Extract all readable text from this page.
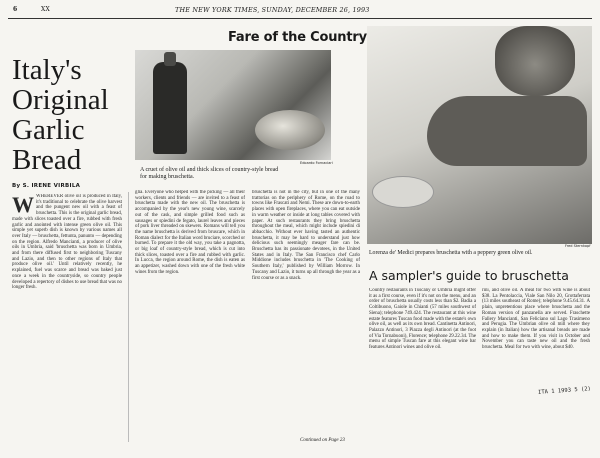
6	XX	THE NEW YORK TIMES, SUNDAY, DECEMBER 26, 1993
Fare of the Country
Italy's Original Garlic Bread
By S. IRENE VIRBILA
Edoardo Fornaciari
A cruet of olive oil and thick slices of country-style bread for making bruschetta.
Fred Sternkopf
Lorenza de' Medici prepares bruschetta with a peppery green olive oil.
A sampler's guide to bruschetta
WWHEREVER olive oil is produced in Italy, it's traditional to celebrate the olive harvest and the pungent new oil with a feast of bruschetta. This is the original garlic bread, made with slices toasted over a fire, rubbed with fresh garlic and anointed with intense green olive oil. This simple yet superb dish is known by various names all over Italy — bruschetta, fettunta, panunto — depending on the region. Alfredo Mancianti, a producer of olive oils in Umbria, said 'bruschetta was born in Umbria, and from there diffused first to neighboring Tuscany and Lazio, and then to other regions of Italy that produce olive oil.' Until relatively recently, he explained, fuel was scarce and bread was baked just once a week in the countryside, so country people developed a repertory of dishes to use bread that was no longer fresh.
glia. Everyone who helped with the picking — all their workers, clients and friends — are invited to a feast of bruschetta made with the new oil. The bruschetta is accompanied by the year's new young wine, scarcely out of the cask, and simple grilled food such as sausages or spiedini de fegato, laurel leaves and pieces of pork liver threaded on skewers. Romans will tell you the name bruschetta is derived from bruscare, which in Roman dialect for the Italian word bruciare, scorched or burned. To prepare it the old way, you take a pagnotta, or big loaf of country-style bread, which is cut into thick slices, toasted over a fire and rubbed with garlic. In Lucca, the region around Rome, the dish is eaten as an appetizer, washed down with one of the fresh white wines from the region.
bruschetta is not in the city, but in one of the many trattorias on the periphery of Rome, on the road to towns like Frascati and Nemi. These are down-to-earth places with open fireplaces, where you can eat outside in warm weather or inside at long tables covered with paper. At such restaurants they bring bruschetta throughout the meal, which might include spiedini di abbacchio. Without ever having tasted an authentic bruschetta, it may be hard to understand just how delicious such seemingly meager fare can be. Bruschetta has its passionate devotees, in the United States and in Italy. The San Francisco chef Carlo Middione includes bruschetta in 'The Cooking of Southern Italy,' published by William Morrow. In Tuscany and Lazio, it turns up all through the year as a first course or as a snack.
Country restaurants in Tuscany or Umbria might offer it as a first course, even if it's not on the menu, and an order of bruschetta usually costs less than $2. Badia a Coltibuono, Gaiole in Chianti (57 miles southwest of Siena); telephone 749.424. The restaurant at this wine estate features Tuscan food made with the estate's own olive oil, as well as its own bread. Cantinetta Antinori, Palazzo Antinori, 3 Piazza degli Antinori (at the foot of Via Tornabuoni), Florence; telephone 29.22.34. The menu of simple Tuscan fare at this elegant wine bar features Antinori wines and olive oil.
rini, and olive oil. A meal for two with wine is about $38. La Pentolaccia, Viale San Nilo 20, Grottaferrata (13 miles southeast of Rome); telephone 9.45.64.31. A plain, unpretentious place where bruschetta and the Roman version of panzanella are served. Fraschette Fallery Mancianti, San Feliciano sul Lago Trasimeno and Perugia. The Umbrian olive oil mill where they explain (in Italian) how the artisanal breads are made and how to make them. If you visit in October and November you can taste new oil and the fresh bruschetta. Meal for two with wine, about $40.
ITA 1 1993 5 (2)
Continued on Page 23
